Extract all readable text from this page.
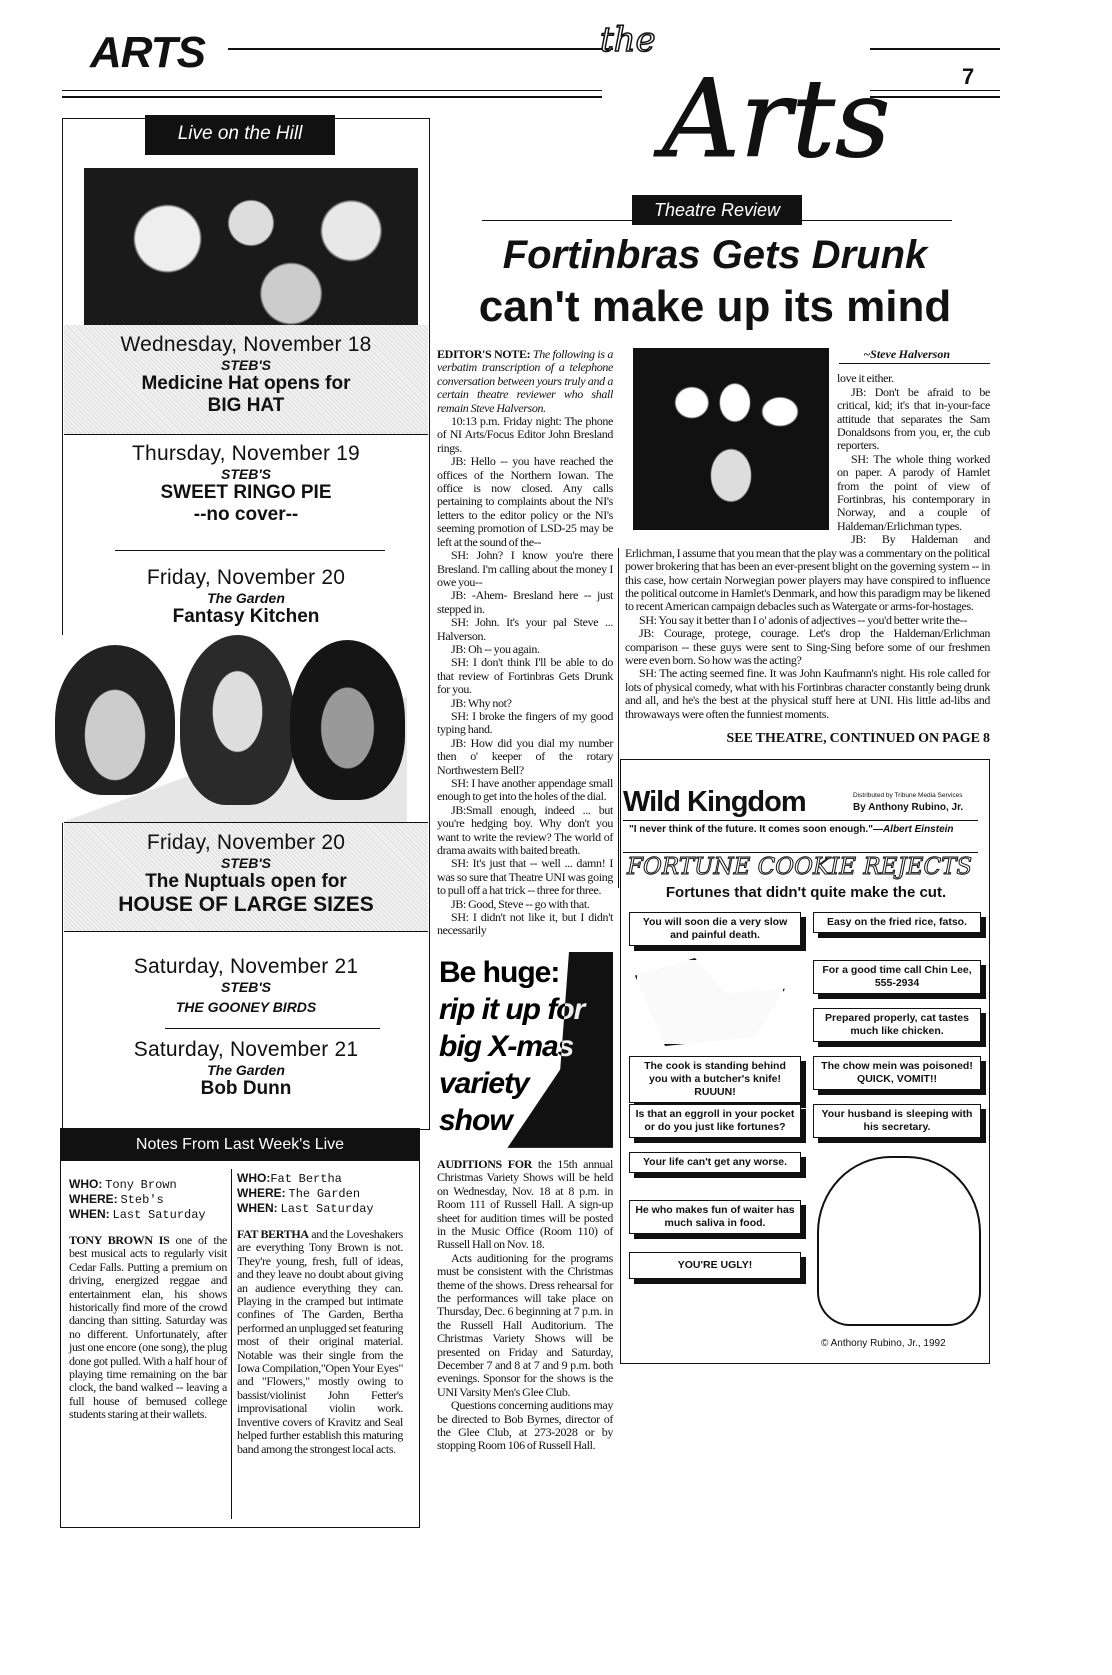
ARTS	7
the
Arts
Live on the Hill
Wednesday, November 18
STEB'S
Medicine Hat opens for
BIG HAT
Thursday, November 19
STEB'S
SWEET RINGO PIE
--no cover--
Friday, November 20
The Garden
Fantasy Kitchen
Friday, November 20
STEB'S
The Nuptuals open for
HOUSE OF LARGE SIZES
Saturday, November 21
STEB'S
THE GOONEY BIRDS
Saturday, November 21
The Garden
Bob Dunn
Notes From Last Week's Live
WHO: Tony Brown
WHERE: Steb's
WHEN: Last Saturday

TONY BROWN IS one of the best musical acts to regularly visit Cedar Falls. Putting a premium on driving, energized reggae and entertainment elan, his shows historically find more of the crowd dancing than sitting. Saturday was no different. Unfortunately, after just one encore (one song), the plug done got pulled. With a half hour of playing time remaining on the bar clock, the band walked -- leaving a full house of bemused college students staring at their wallets.

WHO:Fat Bertha
WHERE: The Garden
WHEN: Last Saturday

FAT BERTHA and the Loveshakers are everything Tony Brown is not. They're young, fresh, full of ideas, and they leave no doubt about giving an audience everything they can. Playing in the cramped but intimate confines of The Garden, Bertha performed an unplugged set featuring most of their original material. Notable was their single from the Iowa Compilation,"Open Your Eyes" and "Flowers," mostly owing to bassist/violinist John Fetter's improvisational violin work. Inventive covers of Kravitz and Seal helped further establish this maturing band among the strongest local acts.

Theatre Review
Fortinbras Gets Drunk
can't make up its mind

EDITOR'S NOTE: The following is a verbatim transcription of a telephone conversation between yours truly and a certain theatre reviewer who shall remain Steve Halverson.

10:13 p.m. Friday night: The phone of NI Arts/Focus Editor John Bresland rings.

JB: Hello -- you have reached the offices of the Northern Iowan. The office is now closed. Any calls pertaining to complaints about the NI's letters to the editor policy or the NI's seeming promotion of LSD-25 may be left at the sound of the--

SH: John? I know you're there Bresland. I'm calling about the money I owe you--

JB: -Ahem- Bresland here -- just stepped in.

SH: John. It's your pal Steve ... Halverson.

JB: Oh -- you again.

SH: I don't think I'll be able to do that review of Fortinbras Gets Drunk for you.

JB: Why not?

SH: I broke the fingers of my good typing hand.

JB: How did you dial my number then o' keeper of the rotary Northwestern Bell?

SH: I have another appendage small enough to get into the holes of the dial.

JB:Small enough, indeed ... but you're hedging boy. Why don't you want to write the review? The world of drama awaits with baited breath.

SH: It's just that -- well ... damn! I was so sure that Theatre UNI was going to pull off a hat trick -- three for three.

JB: Good, Steve -- go with that.

SH: I didn't not like it, but I didn't necessarily

Be huge:
rip it up for
big X-mas
variety
show

AUDITIONS FOR the 15th annual Christmas Variety Shows will be held on Wednesday, Nov. 18 at 8 p.m. in Room 111 of Russell Hall. A sign-up sheet for audition times will be posted in the Music Office (Room 110) of Russell Hall on Nov. 18.

Acts auditioning for the programs must be consistent with the Christmas theme of the shows. Dress rehearsal for the performances will take place on Thursday, Dec. 6 beginning at 7 p.m. in the Russell Hall Auditorium. The Christmas Variety Shows will be presented on Friday and Saturday, December 7 and 8 at 7 and 9 p.m. both evenings. Sponsor for the shows is the UNI Varsity Men's Glee Club.

Questions concerning auditions may be directed to Bob Byrnes, director of the Glee Club, at 273-2028 or by stopping Room 106 of Russell Hall.

~Steve Halverson

love it either.

JB: Don't be afraid to be critical, kid; it's that in-your-face attitude that separates the Sam Donaldsons from you, er, the cub reporters.

SH: The whole thing worked on paper. A parody of Hamlet from the point of view of Fortinbras, his contemporary in Norway, and a couple of Haldeman/Erlichman types.

JB: By Haldeman and Erlichman, I assume that you mean that the play was a commentary on the political power brokering that has been an ever-present blight on the governing system -- in this case, how certain Norwegian power players may have conspired to influence the political outcome in Hamlet's Denmark, and how this paradigm may be likened to recent American campaign debacles such as Watergate or arms-for-hostages.

SH: You say it better than I o' adonis of adjectives -- you'd better write the--

JB: Courage, protege, courage. Let's drop the Haldeman/Erlichman comparison -- these guys were sent to Sing-Sing before some of our freshmen were even born. So how was the acting?

SH: The acting seemed fine. It was John Kaufmann's night. His role called for lots of physical comedy, what with his Fortinbras character constantly being drunk and all, and he's the best at the physical stuff here at UNI. His little ad-libs and throwaways were often the funniest moments.

SEE THEATRE, CONTINUED ON PAGE 8
Wild Kingdom	Distributed by Tribune Media Services
By Anthony Rubino, Jr.
"I never think of the future. It comes soon enough."—Albert Einstein
FORTUNE COOKIE REJECTS
Fortunes that didn't quite make the cut.
You will soon die a very slow and painful death.
The cook is standing behind you with a butcher's knife! RUUUN!
Is that an eggroll in your pocket or do you just like fortunes?
Your life can't get any worse.
He who makes fun of waiter has much saliva in food.
YOU'RE UGLY!
Easy on the fried rice, fatso.
For a good time call Chin Lee, 555-2934
Prepared properly, cat tastes much like chicken.
The chow mein was poisoned! QUICK, VOMIT!!
Your husband is sleeping with his secretary.
© Anthony Rubino, Jr., 1992
